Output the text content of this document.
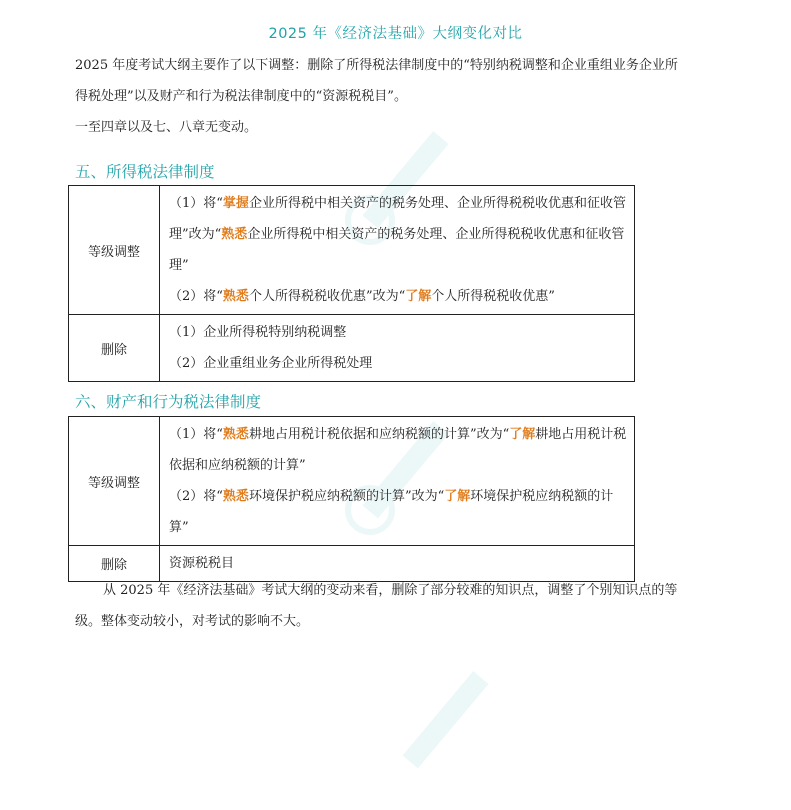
2025 年《经济法基础》大纲变化对比
2025 年度考试大纲主要作了以下调整：删除了所得税法律制度中的“特别纳税调整和企业重组业务企业所
得税处理”以及财产和行为税法律制度中的“资源税税目”。
一至四章以及七、八章无变动。
五、所得税法律制度
等级调整	（1）将“掌握企业所得税中相关资产的税务处理、企业所得税税收优惠和征收管理”改为“熟悉企业所得税中相关资产的税务处理、企业所得税税收优惠和征收管理”
（2）将“熟悉个人所得税税收优惠”改为“了解个人所得税税收优惠”

删除	（1）企业所得税特别纳税调整
（2）企业重组业务企业所得税处理
六、财产和行为税法律制度
等级调整	（1）将“熟悉耕地占用税计税依据和应纳税额的计算”改为“了解耕地占用税计税依据和应纳税额的计算”
（2）将“熟悉环境保护税应纳税额的计算”改为“了解环境保护税应纳税额的计算”

删除	资源税税目
从 2025 年《经济法基础》考试大纲的变动来看，删除了部分较难的知识点，调整了个别知识点的等
级。整体变动较小，对考试的影响不大。
